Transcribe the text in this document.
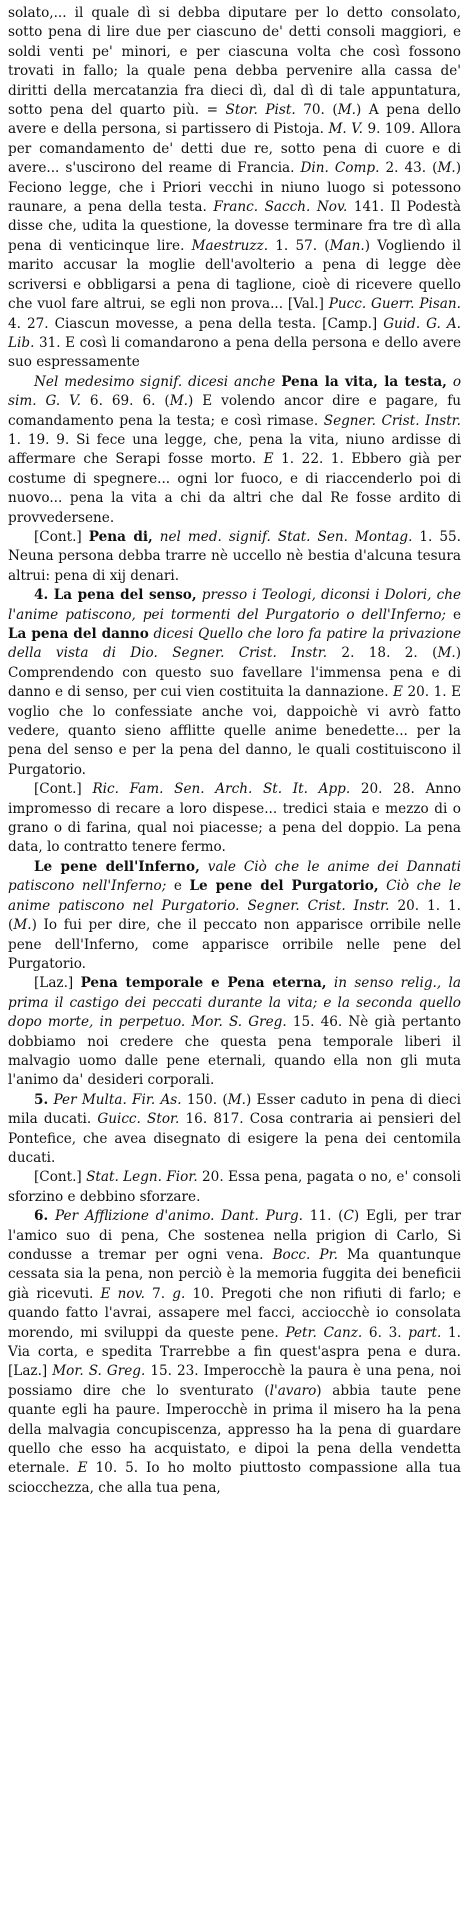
solato,... il quale dì si debba diputare per lo detto consolato, sotto pena di lire due per ciascuno de' detti consoli maggiori, e soldi venti pe' minori, e per ciascuna volta che così fossono trovati in fallo; la quale pena debba pervenire alla cassa de' diritti della mercatanzia fra dieci dì, dal dì di tale appuntatura, sotto pena del quarto più. = Stor. Pist. 70. (M.) A pena dello avere e della persona, si partissero di Pistoja. M. V. 9. 109. Allora per comandamento de' detti due re, sotto pena di cuore e di avere... s'uscirono del reame di Francia. Din. Comp. 2. 43. (M.) Feciono legge, che i Priori vecchi in niuno luogo si potessono raunare, a pena della testa. Franc. Sacch. Nov. 141. Il Podestà disse che, udita la questione, la dovesse terminare fra tre dì alla pena di venticinque lire. Maestruzz. 1. 57. (Man.) Vogliendo il marito accusar la moglie dell'avolterio a pena di legge dèe scriversi e obbligarsi a pena di taglione, cioè di ricevere quello che vuol fare altrui, se egli non prova... [Val.] Pucc. Guerr. Pisan. 4. 27. Ciascun movesse, a pena della testa. [Camp.] Guid. G. A. Lib. 31. E così li comandarono a pena della persona e dello avere suo espressamente

Nel medesimo signif. dicesi anche Pena la vita, la testa, o sim. G. V. 6. 69. 6. (M.) E volendo ancor dire e pagare, fu comandamento pena la testa; e così rimase. Segner. Crist. Instr. 1. 19. 9. Si fece una legge, che, pena la vita, niuno ardisse di affermare che Serapi fosse morto. E 1. 22. 1. Ebbero già per costume di spegnere... ogni lor fuoco, e di riaccenderlo poi di nuovo... pena la vita a chi da altri che dal Re fosse ardito di provvedersene.

[Cont.] Pena di, nel med. signif. Stat. Sen. Montag. 1. 55. Neuna persona debba trarre nè uccello nè bestia d'alcuna tesura altrui: pena di xij denari.

4. La pena del senso, presso i Teologi, diconsi i Dolori, che l'anime patiscono, pei tormenti del Purgatorio o dell'Inferno; e La pena del danno dicesi Quello che loro fa patire la privazione della vista di Dio. Segner. Crist. Instr. 2. 18. 2. (M.) Comprendendo con questo suo favellare l'immensa pena e di danno e di senso, per cui vien costituita la dannazione. E 20. 1. E voglio che lo confessiate anche voi, dappoichè vi avrò fatto vedere, quanto sieno afflitte quelle anime benedette... per la pena del senso e per la pena del danno, le quali costituiscono il Purgatorio.

[Cont.] Ric. Fam. Sen. Arch. St. It. App. 20. 28. Anno impromesso di recare a loro dispese... tredici staia e mezzo di o grano o di farina, qual noi piacesse; a pena del doppio. La pena data, lo contratto tenere fermo.

Le pene dell'Inferno, vale Ciò che le anime dei Dannati patiscono nell'Inferno; e Le pene del Purgatorio, Ciò che le anime patiscono nel Purgatorio. Segner. Crist. Instr. 20. 1. 1. (M.) Io fui per dire, che il peccato non apparisce orribile nelle pene dell'Inferno, come apparisce orribile nelle pene del Purgatorio.

[Laz.] Pena temporale e Pena eterna, in senso relig., la prima il castigo dei peccati durante la vita; e la seconda quello dopo morte, in perpetuo. Mor. S. Greg. 15. 46. Nè già pertanto dobbiamo noi credere che questa pena temporale liberi il malvagio uomo dalle pene eternali, quando ella non gli muta l'animo da' desideri corporali.

5. Per Multa. Fir. As. 150. (M.) Esser caduto in pena di dieci mila ducati. Guicc. Stor. 16. 817. Cosa contraria ai pensieri del Pontefice, che avea disegnato di esigere la pena dei centomila ducati.

[Cont.] Stat. Legn. Fior. 20. Essa pena, pagata o no, e' consoli sforzino e debbino sforzare.

6. Per Afflizione d'animo. Dant. Purg. 11. (C) Egli, per trar l'amico suo di pena, Che sostenea nella prigion di Carlo, Si condusse a tremar per ogni vena. Bocc. Pr. Ma quantunque cessata sia la pena, non perciò è la memoria fuggita dei beneficii già ricevuti. E nov. 7. g. 10. Pregoti che non rifiuti di farlo; e quando fatto l'avrai, assapere mel facci, acciocchè io consolata morendo, mi sviluppi da queste pene. Petr. Canz. 6. 3. part. 1. Via corta, e spedita Trarrebbe a fin quest'aspra pena e dura. [Laz.] Mor. S. Greg. 15. 23. Imperocchè la paura è una pena, noi possiamo dire che lo sventurato (l'avaro) abbia taute pene quante egli ha paure. Imperocchè in prima il misero ha la pena della malvagia concupiscenza, appresso ha la pena di guardare quello che esso ha acquistato, e dipoi la pena della vendetta eternale. E 10. 5. Io ho molto piuttosto compassione alla tua sciocchezza, che alla tua pena,
